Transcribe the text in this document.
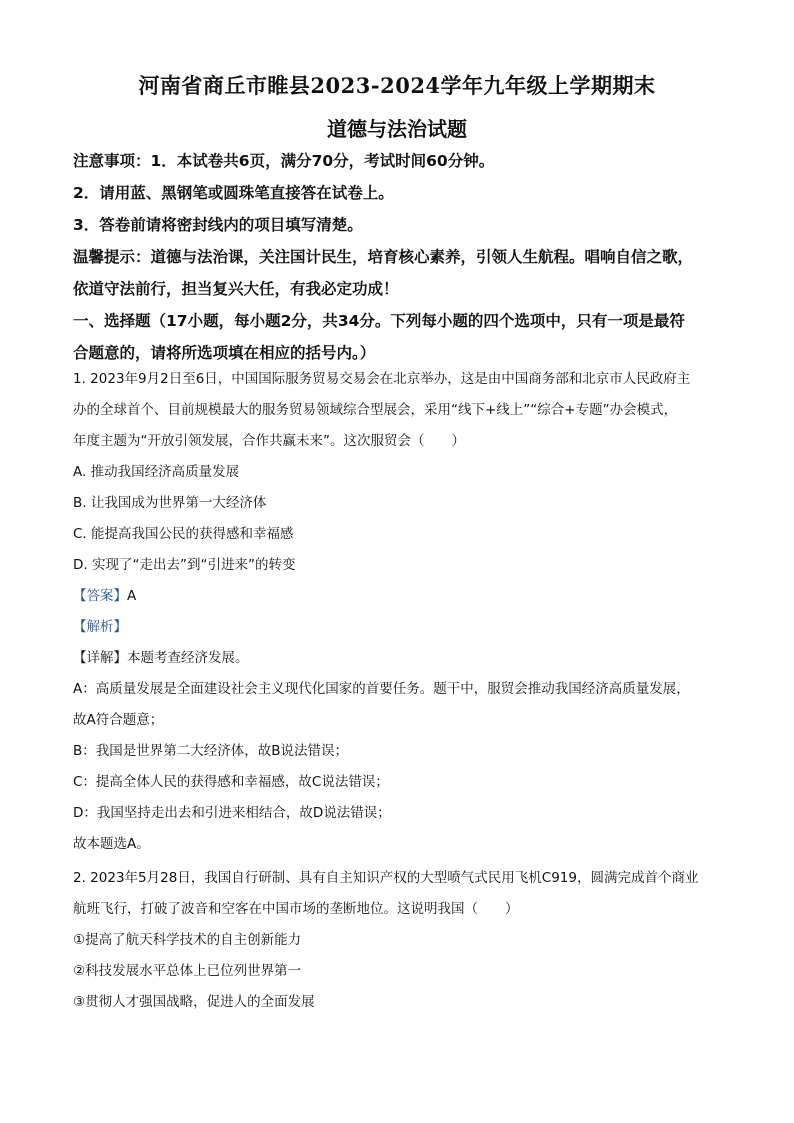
河南省商丘市睢县2023-2024学年九年级上学期期末
道德与法治试题
注意事项：1．本试卷共6页，满分70分，考试时间60分钟。
2．请用蓝、黑钢笔或圆珠笔直接答在试卷上。
3．答卷前请将密封线内的项目填写清楚。
温馨提示：道德与法治课，关注国计民生，培育核心素养，引领人生航程。唱响自信之歌，
依道守法前行，担当复兴大任，有我必定功成！
一、选择题（17小题，每小题2分，共34分。下列每小题的四个选项中，只有一项是最符
合题意的，请将所选项填在相应的括号内。）
1. 2023年9月2日至6日，中国国际服务贸易交易会在北京举办，这是由中国商务部和北京市人民政府主
办的全球首个、目前规模最大的服务贸易领域综合型展会，采用“线下+线上”“综合+专题”办会模式，
年度主题为“开放引领发展，合作共赢未来”。这次服贸会（　　）
A. 推动我国经济高质量发展
B. 让我国成为世界第一大经济体
C. 能提高我国公民的获得感和幸福感
D. 实现了“走出去”到“引进来”的转变
【答案】A
【解析】
【详解】本题考查经济发展。
A：高质量发展是全面建设社会主义现代化国家的首要任务。题干中，服贸会推动我国经济高质量发展，
故A符合题意；
B：我国是世界第二大经济体，故B说法错误；
C：提高全体人民的获得感和幸福感，故C说法错误；
D：我国坚持走出去和引进来相结合，故D说法错误；
故本题选A。
2. 2023年5月28日，我国自行研制、具有自主知识产权的大型喷气式民用飞机C919，圆满完成首个商业
航班飞行，打破了波音和空客在中国市场的垄断地位。这说明我国（　　）
①提高了航天科学技术的自主创新能力
②科技发展水平总体上已位列世界第一
③贯彻人才强国战略，促进人的全面发展
